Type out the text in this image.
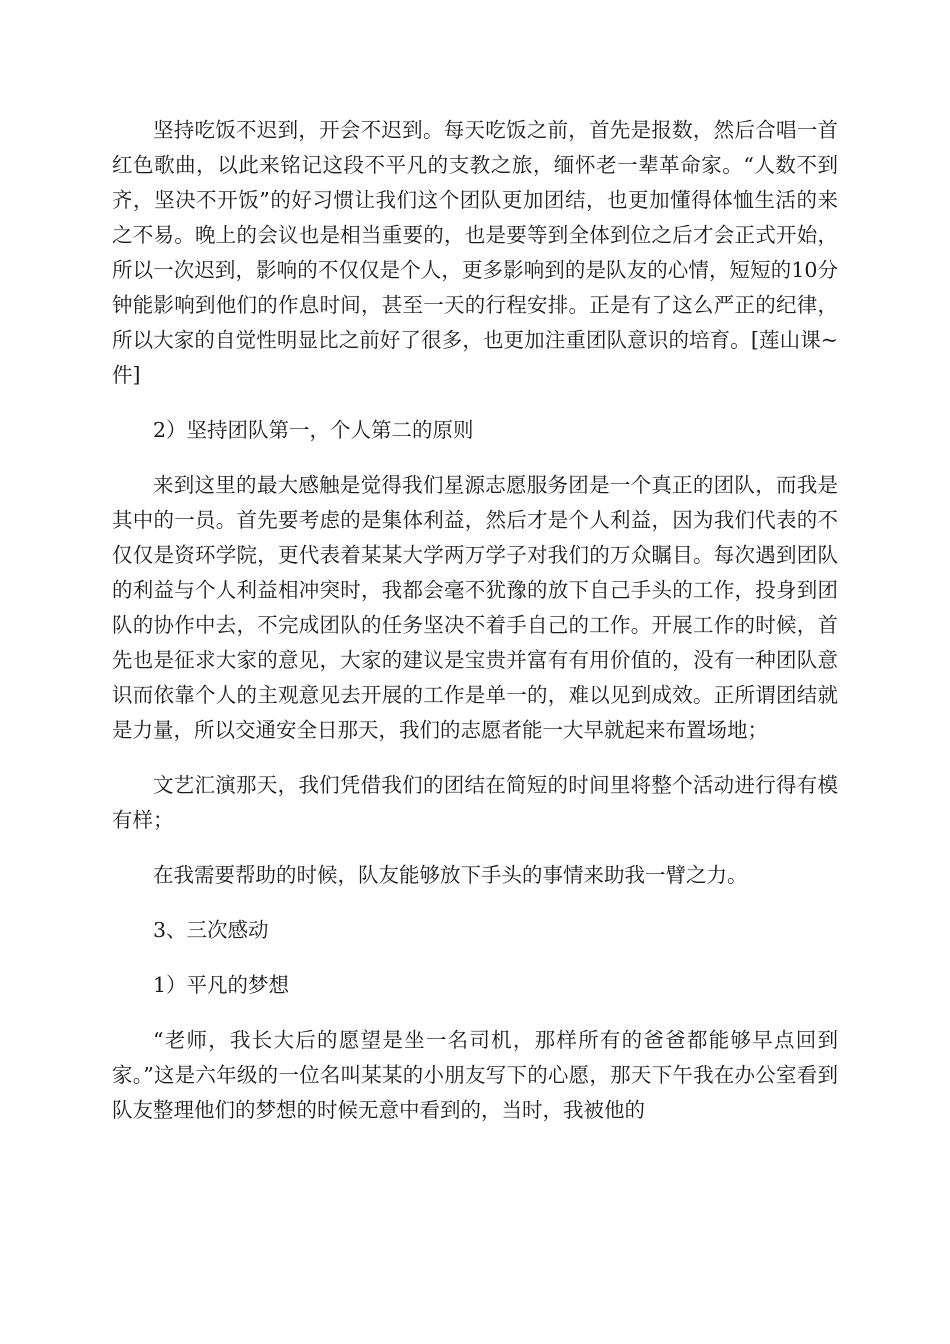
坚持吃饭不迟到，开会不迟到。每天吃饭之前，首先是报数，然后合唱一首红色歌曲，以此来铭记这段不平凡的支教之旅，缅怀老一辈革命家。“人数不到齐，坚决不开饭”的好习惯让我们这个团队更加团结，也更加懂得体恤生活的来之不易。晚上的会议也是相当重要的，也是要等到全体到位之后才会正式开始，所以一次迟到，影响的不仅仅是个人，更多影响到的是队友的心情，短短的10分钟能影响到他们的作息时间，甚至一天的行程安排。正是有了这么严正的纪律，所以大家的自觉性明显比之前好了很多，也更加注重团队意识的培育。[莲山课~件]

2）坚持团队第一，个人第二的原则

来到这里的最大感触是觉得我们星源志愿服务团是一个真正的团队，而我是其中的一员。首先要考虑的是集体利益，然后才是个人利益，因为我们代表的不仅仅是资环学院，更代表着某某大学两万学子对我们的万众瞩目。每次遇到团队的利益与个人利益相冲突时，我都会毫不犹豫的放下自己手头的工作，投身到团队的协作中去，不完成团队的任务坚决不着手自己的工作。开展工作的时候，首先也是征求大家的意见，大家的建议是宝贵并富有有用价值的，没有一种团队意识而依靠个人的主观意见去开展的工作是单一的，难以见到成效。正所谓团结就是力量，所以交通安全日那天，我们的志愿者能一大早就起来布置场地；

文艺汇演那天，我们凭借我们的团结在简短的时间里将整个活动进行得有模有样；

在我需要帮助的时候，队友能够放下手头的事情来助我一臂之力。

3、三次感动

1）平凡的梦想

“老师，我长大后的愿望是坐一名司机，那样所有的爸爸都能够早点回到家。”这是六年级的一位名叫某某的小朋友写下的心愿，那天下午我在办公室看到队友整理他们的梦想的时候无意中看到的，当时，我被他的
